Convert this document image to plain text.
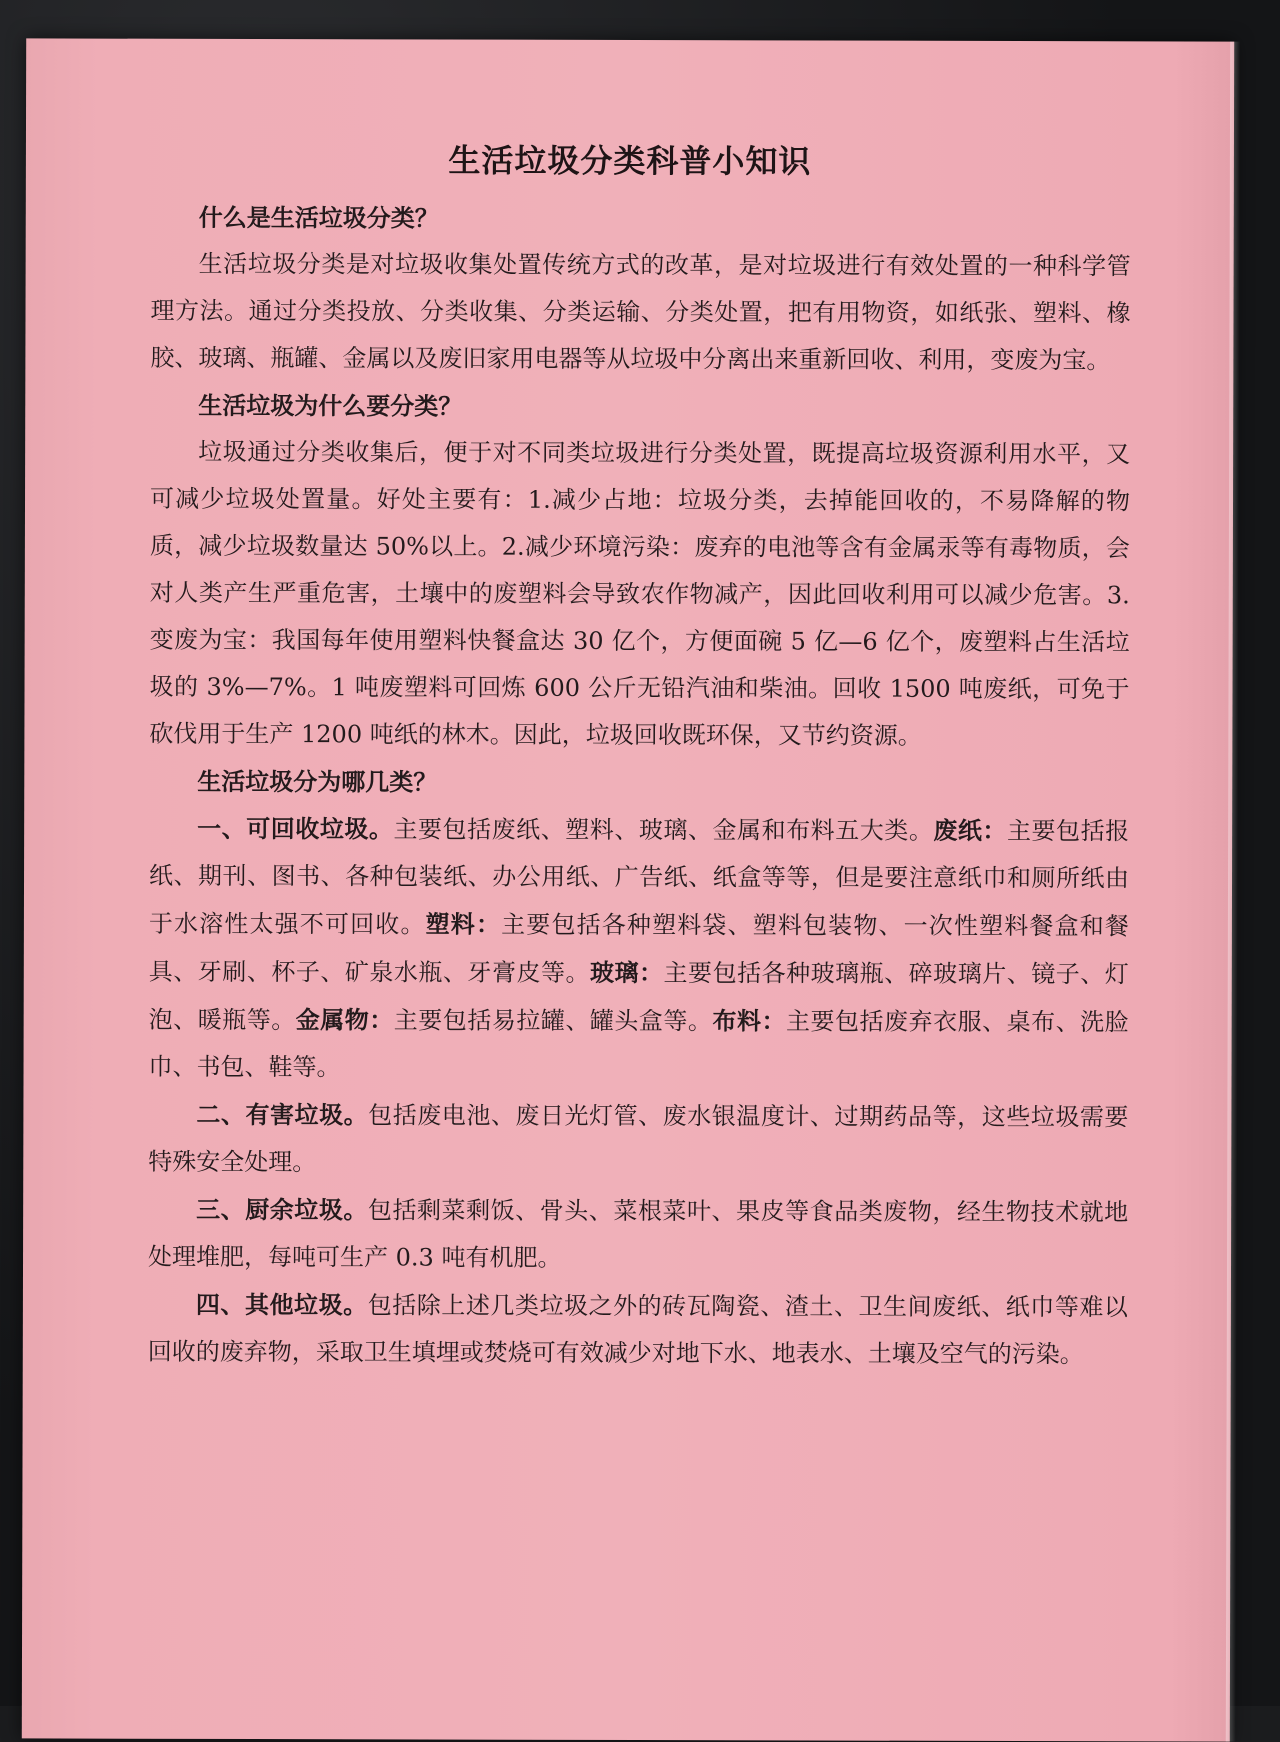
生活垃圾分类科普小知识
什么是生活垃圾分类？

生活垃圾分类是对垃圾收集处置传统方式的改革，是对垃圾进行有效处置的一种科学管理方法。通过分类投放、分类收集、分类运输、分类处置，把有用物资，如纸张、塑料、橡胶、玻璃、瓶罐、金属以及废旧家用电器等从垃圾中分离出来重新回收、利用，变废为宝。

生活垃圾为什么要分类？

垃圾通过分类收集后，便于对不同类垃圾进行分类处置，既提高垃圾资源利用水平，又可减少垃圾处置量。好处主要有：1.减少占地：垃圾分类，去掉能回收的，不易降解的物质，减少垃圾数量达 50%以上。2.减少环境污染：废弃的电池等含有金属汞等有毒物质，会对人类产生严重危害，土壤中的废塑料会导致农作物减产，因此回收利用可以减少危害。3.变废为宝：我国每年使用塑料快餐盒达 30 亿个，方便面碗 5 亿—6 亿个，废塑料占生活垃圾的 3%—7%。1 吨废塑料可回炼 600 公斤无铅汽油和柴油。回收 1500 吨废纸，可免于砍伐用于生产 1200 吨纸的林木。因此，垃圾回收既环保，又节约资源。

生活垃圾分为哪几类？

一、可回收垃圾。主要包括废纸、塑料、玻璃、金属和布料五大类。废纸：主要包括报纸、期刊、图书、各种包装纸、办公用纸、广告纸、纸盒等等，但是要注意纸巾和厕所纸由于水溶性太强不可回收。塑料：主要包括各种塑料袋、塑料包装物、一次性塑料餐盒和餐具、牙刷、杯子、矿泉水瓶、牙膏皮等。玻璃：主要包括各种玻璃瓶、碎玻璃片、镜子、灯泡、暖瓶等。金属物：主要包括易拉罐、罐头盒等。布料：主要包括废弃衣服、桌布、洗脸巾、书包、鞋等。

二、有害垃圾。包括废电池、废日光灯管、废水银温度计、过期药品等，这些垃圾需要特殊安全处理。

三、厨余垃圾。包括剩菜剩饭、骨头、菜根菜叶、果皮等食品类废物，经生物技术就地处理堆肥，每吨可生产 0.3 吨有机肥。

四、其他垃圾。包括除上述几类垃圾之外的砖瓦陶瓷、渣土、卫生间废纸、纸巾等难以回收的废弃物，采取卫生填埋或焚烧可有效减少对地下水、地表水、土壤及空气的污染。
